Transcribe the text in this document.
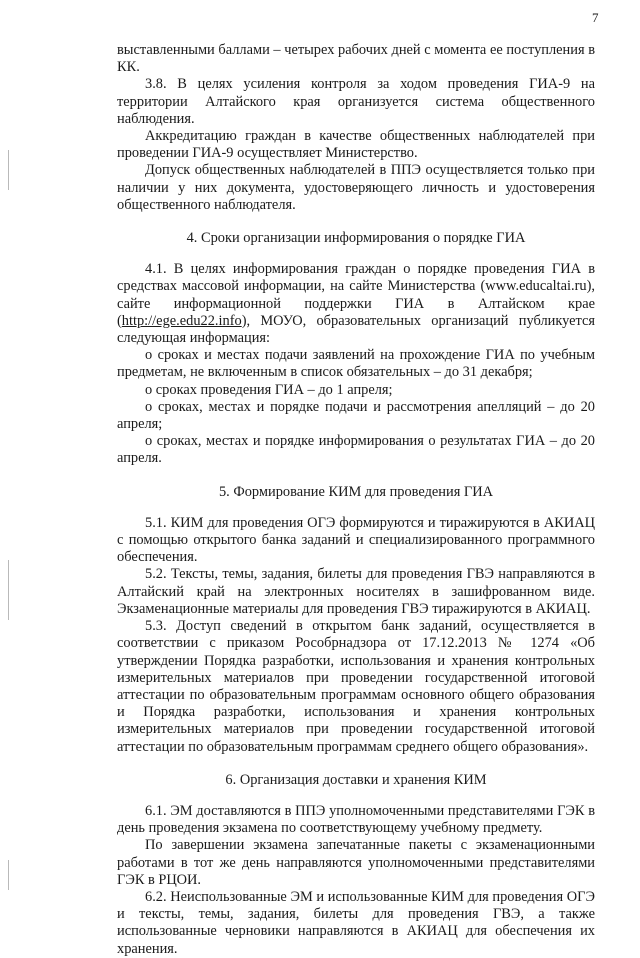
7

выставленными баллами – четырех рабочих дней с момента ее поступления в КК.

3.8. В целях усиления контроля за ходом проведения ГИА-9 на территории Алтайского края организуется система общественного наблюдения.

Аккредитацию граждан в качестве общественных наблюдателей при проведении ГИА-9 осуществляет Министерство.

Допуск общественных наблюдателей в ППЭ осуществляется только при наличии у них документа, удостоверяющего личность и удостоверения общественного наблюдателя.

4. Сроки организации информирования о порядке ГИА

4.1. В целях информирования граждан о порядке проведения ГИА в средствах массовой информации, на сайте Министерства (www.educaltai.ru), сайте информационной поддержки ГИА в Алтайском крае (http://ege.edu22.info), МОУО, образовательных организаций публикуется следующая информация:

о сроках и местах подачи заявлений на прохождение ГИА по учебным предметам, не включенным в список обязательных – до 31 декабря;

о сроках проведения ГИА – до 1 апреля;

о сроках, местах и порядке подачи и рассмотрения апелляций – до 20 апреля;

о сроках, местах и порядке информирования о результатах ГИА – до 20 апреля.

5. Формирование КИМ для проведения ГИА

5.1. КИМ для проведения ОГЭ формируются и тиражируются в АКИАЦ с помощью открытого банка заданий и специализированного программного обеспечения.

5.2. Тексты, темы, задания, билеты для проведения ГВЭ направляются в Алтайский край на электронных носителях в зашифрованном виде. Экзаменационные материалы для проведения ГВЭ тиражируются в АКИАЦ.

5.3. Доступ сведений в открытом банк заданий, осуществляется в соответствии с приказом Рособрнадзора от 17.12.2013 № 1274 «Об утверждении Порядка разработки, использования и хранения контрольных измерительных материалов при проведении государственной итоговой аттестации по образовательным программам основного общего образования и Порядка разработки, использования и хранения контрольных измерительных материалов при проведении государственной итоговой аттестации по образовательным программам среднего общего образования».

6. Организация доставки и хранения КИМ

6.1. ЭМ доставляются в ППЭ уполномоченными представителями ГЭК в день проведения экзамена по соответствующему учебному предмету.

По завершении экзамена запечатанные пакеты с экзаменационными работами в тот же день направляются уполномоченными представителями ГЭК в РЦОИ.

6.2. Неиспользованные ЭМ и использованные КИМ для проведения ОГЭ и тексты, темы, задания, билеты для проведения ГВЭ, а также использованные черновики направляются в АКИАЦ для обеспечения их хранения.
